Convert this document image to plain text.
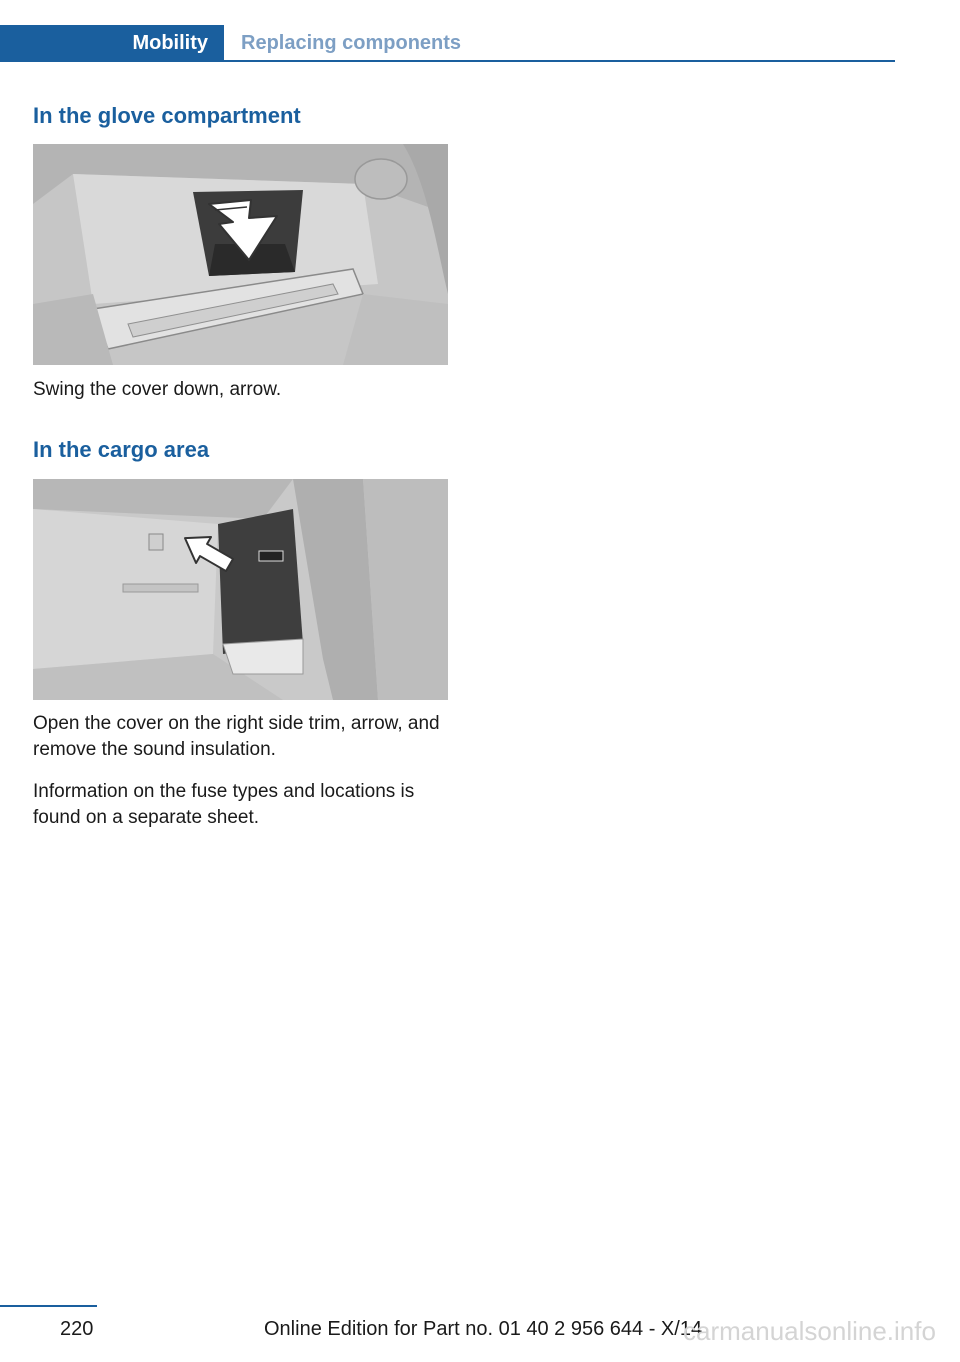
Mobility	Replacing components
In the glove compartment

Swing the cover down, arrow.

In the cargo area

Open the cover on the right side trim, arrow, and remove the sound insulation.

Information on the fuse types and locations is found on a separate sheet.

220	Online Edition for Part no. 01 40 2 956 644 - X/14
carmanualsonline.info
